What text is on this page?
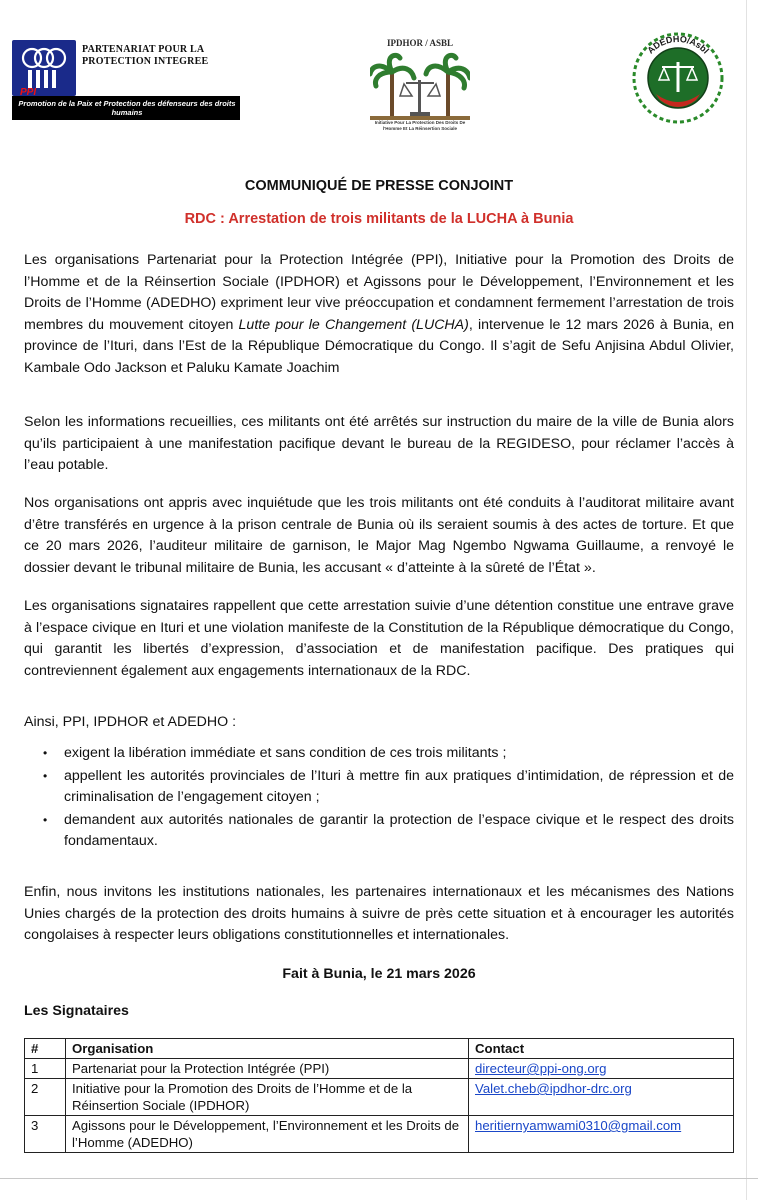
PARTENARIAT POUR LA PROTECTION INTEGREE
PPI
Promotion de la Paix et Protection des défenseurs des droits humains
IPDHOR / ASBL
Initiative Pour La Protection Des Droits De l'Homme Et La Réinsertion Sociale
ADEDHO/Asbl
COMMUNIQUÉ DE PRESSE CONJOINT
RDC : Arrestation de trois militants de la LUCHA à Bunia

Les organisations Partenariat pour la Protection Intégrée (PPI), Initiative pour la Promotion des Droits de l’Homme et de la Réinsertion Sociale (IPDHOR) et Agissons pour le Développement, l’Environnement et les Droits de l’Homme (ADEDHO) expriment leur vive préoccupation et condamnent fermement l’arrestation de trois membres du mouvement citoyen Lutte pour le Changement (LUCHA), intervenue le 12 mars 2026 à Bunia, en province de l’Ituri, dans l’Est de la République Démocratique du Congo. Il s’agit de Sefu Anjisina Abdul Olivier, Kambale Odo Jackson et Paluku Kamate Joachim

Selon les informations recueillies, ces militants ont été arrêtés sur instruction du maire de la ville de Bunia alors qu’ils participaient à une manifestation pacifique devant le bureau de la REGIDESO, pour réclamer l’accès à l’eau potable.

Nos organisations ont appris avec inquiétude que les trois militants ont été conduits à l’auditorat militaire avant d’être transférés en urgence à la prison centrale de Bunia où ils seraient soumis à des actes de torture. Et que ce 20 mars 2026, l’auditeur militaire de garnison, le Major Mag Ngembo Ngwama Guillaume, a renvoyé le dossier devant le tribunal militaire de Bunia, les accusant « d’atteinte à la sûreté de l’État ».

Les organisations signataires rappellent que cette arrestation suivie d’une détention constitue une entrave grave à l’espace civique en Ituri et une violation manifeste de la Constitution de la République démocratique du Congo, qui garantit les libertés d’expression, d’association et de manifestation pacifique. Des pratiques qui contreviennent également aux engagements internationaux de la RDC.

Ainsi, PPI, IPDHOR et ADEDHO :

• exigent la libération immédiate et sans condition de ces trois militants ;
• appellent les autorités provinciales de l’Ituri à mettre fin aux pratiques d’intimidation, de répression et de criminalisation de l’engagement citoyen ;
• demandent aux autorités nationales de garantir la protection de l’espace civique et le respect des droits fondamentaux.

Enfin, nous invitons les institutions nationales, les partenaires internationaux et les mécanismes des Nations Unies chargés de la protection des droits humains à suivre de près cette situation et à encourager les autorités congolaises à respecter leurs obligations constitutionnelles et internationales.

Fait à Bunia, le 21 mars 2026
Les Signataires
#	Organisation	Contact
1	Partenariat pour la Protection Intégrée (PPI)	directeur@ppi-ong.org
2	Initiative pour la Promotion des Droits de l’Homme et de la Réinsertion Sociale (IPDHOR)	Valet.cheb@ipdhor-drc.org
3	Agissons pour le Développement, l’Environnement et les Droits de l’Homme (ADEDHO)	heritiernyamwami0310@gmail.com
